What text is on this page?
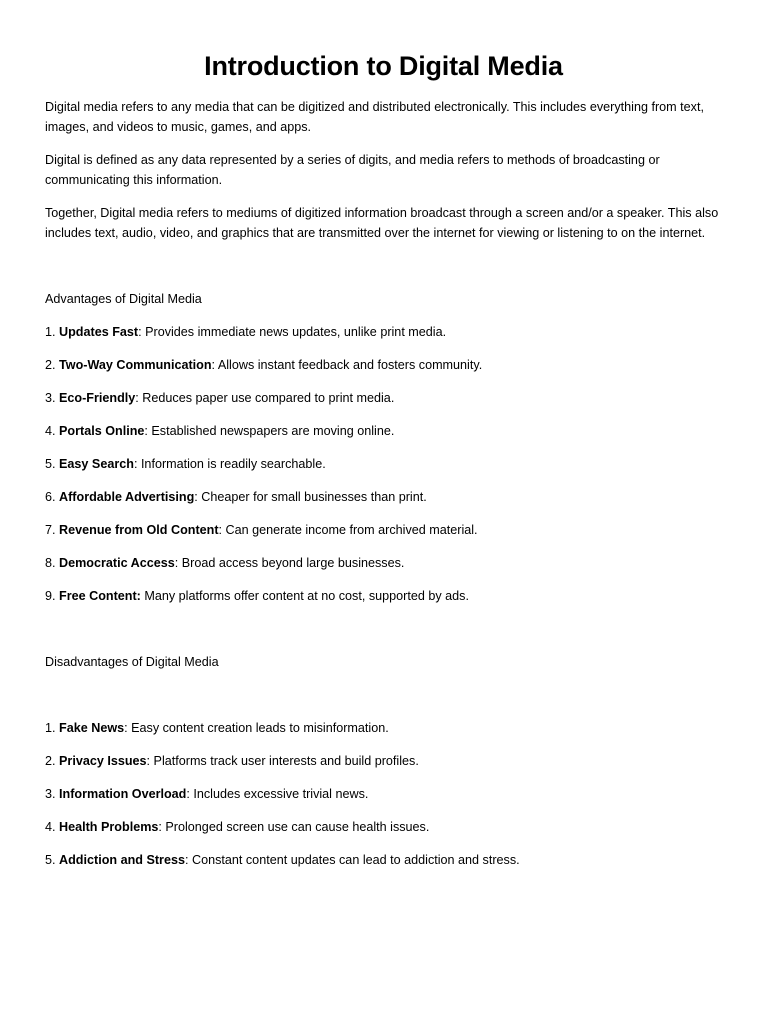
Introduction to Digital Media

Digital media refers to any media that can be digitized and distributed electronically. This includes everything from text, images, and videos to music, games, and apps.

Digital is defined as any data represented by a series of digits, and media refers to methods of broadcasting or communicating this information.

Together, Digital media refers to mediums of digitized information broadcast through a screen and/or a speaker. This also includes text, audio, video, and graphics that are transmitted over the internet for viewing or listening to on the internet.

Advantages of Digital Media

1. Updates Fast: Provides immediate news updates, unlike print media.
2. Two-Way Communication: Allows instant feedback and fosters community.
3. Eco-Friendly: Reduces paper use compared to print media.
4. Portals Online: Established newspapers are moving online.
5. Easy Search: Information is readily searchable.
6. Affordable Advertising: Cheaper for small businesses than print.
7. Revenue from Old Content: Can generate income from archived material.
8. Democratic Access: Broad access beyond large businesses.
9. Free Content: Many platforms offer content at no cost, supported by ads.

Disadvantages of Digital Media

1. Fake News: Easy content creation leads to misinformation.
2. Privacy Issues: Platforms track user interests and build profiles.
3. Information Overload: Includes excessive trivial news.
4. Health Problems: Prolonged screen use can cause health issues.
5. Addiction and Stress: Constant content updates can lead to addiction and stress.
